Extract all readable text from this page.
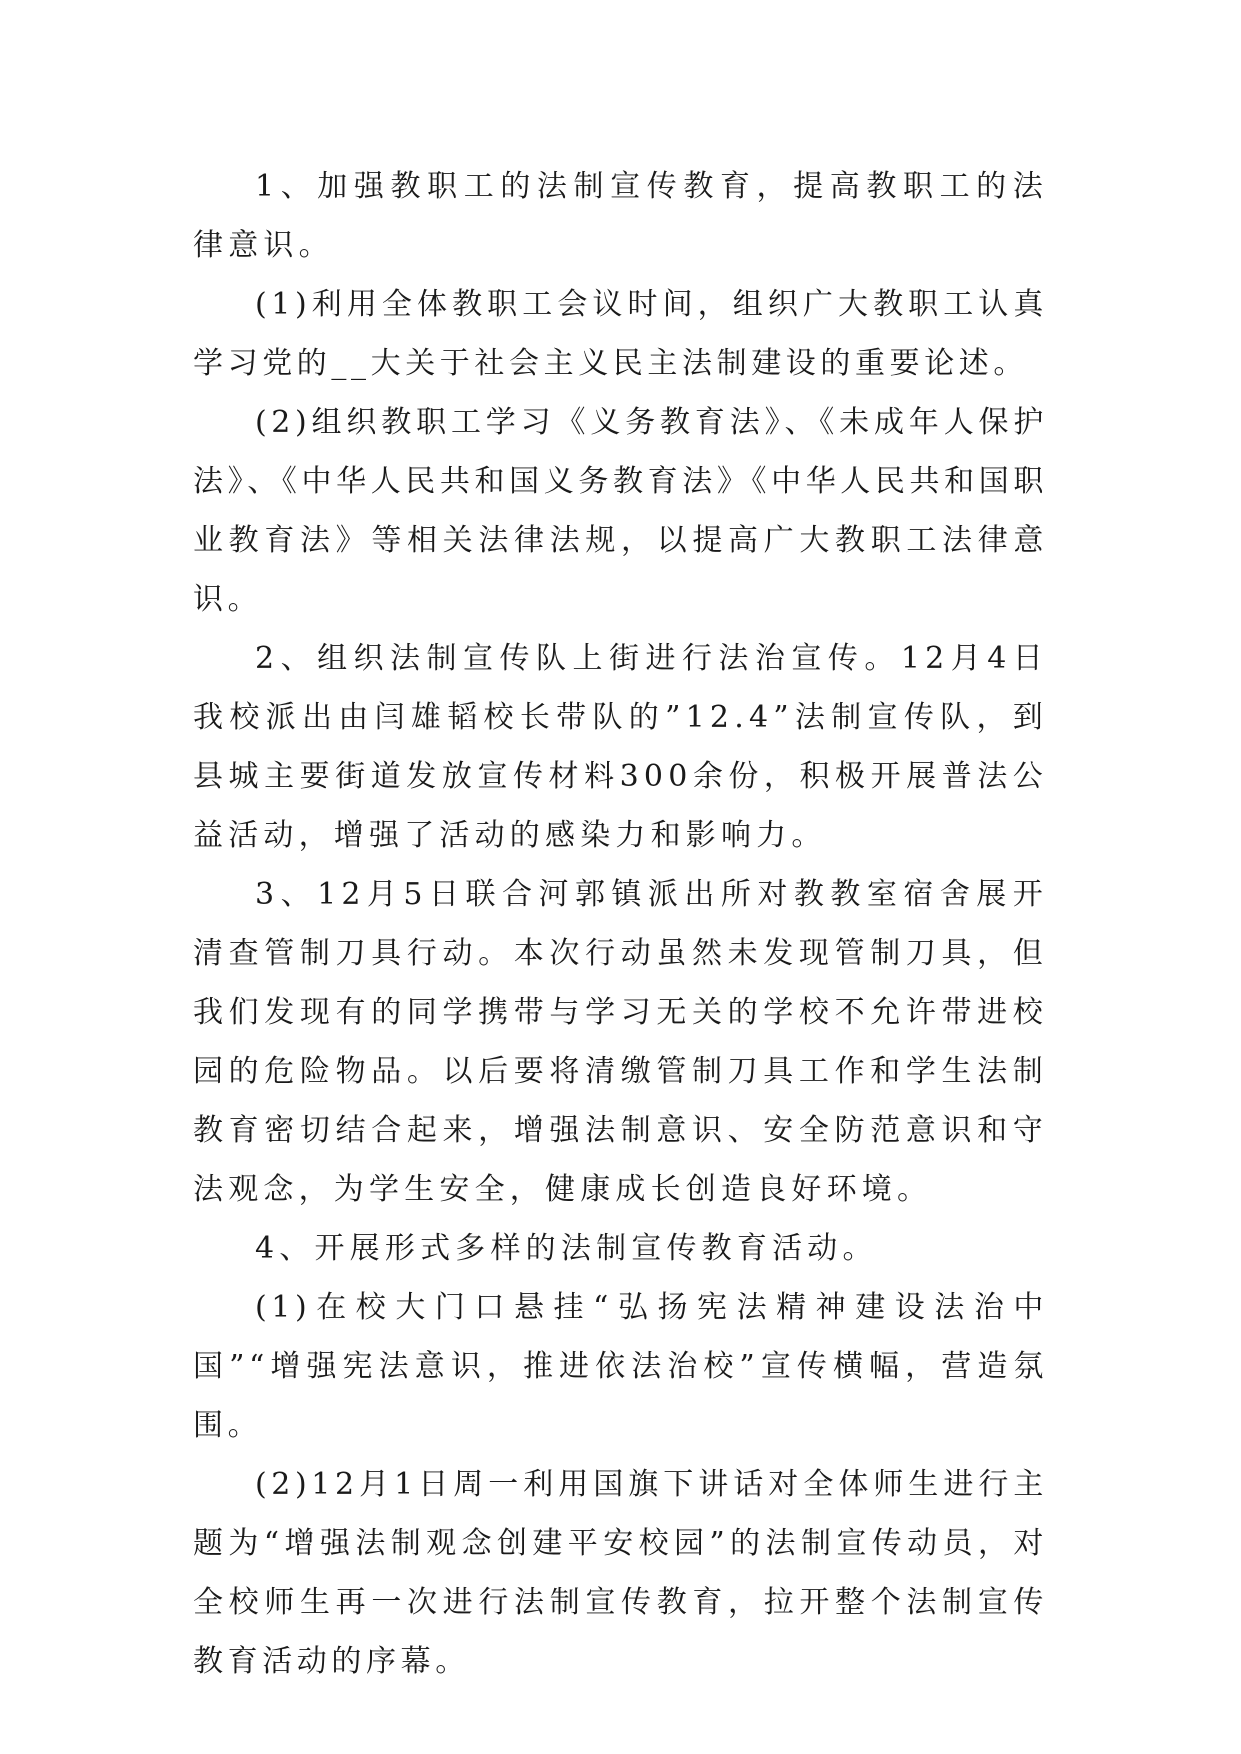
1、加强教职工的法制宣传教育，提高教职工的法律意识。

(1)利用全体教职工会议时间，组织广大教职工认真学习党的__大关于社会主义民主法制建设的重要论述。

(2)组织教职工学习《义务教育法》、《未成年人保护法》、《中华人民共和国义务教育法》《中华人民共和国职业教育法》等相关法律法规，以提高广大教职工法律意识。

2、组织法制宣传队上街进行法治宣传。12月4日我校派出由闫雄韬校长带队的”12.4”法制宣传队，到县城主要街道发放宣传材料300余份，积极开展普法公益活动，增强了活动的感染力和影响力。

3、12月5日联合河郭镇派出所对教教室宿舍展开清查管制刀具行动。本次行动虽然未发现管制刀具，但我们发现有的同学携带与学习无关的学校不允许带进校园的危险物品。以后要将清缴管制刀具工作和学生法制教育密切结合起来，增强法制意识、安全防范意识和守法观念，为学生安全，健康成长创造良好环境。

4、开展形式多样的法制宣传教育活动。

(1)在校大门口悬挂“弘扬宪法精神建设法治中国”“增强宪法意识，推进依法治校”宣传横幅，营造氛围。

(2)12月1日周一利用国旗下讲话对全体师生进行主题为“增强法制观念创建平安校园”的法制宣传动员，对全校师生再一次进行法制宣传教育，拉开整个法制宣传教育活动的序幕。
